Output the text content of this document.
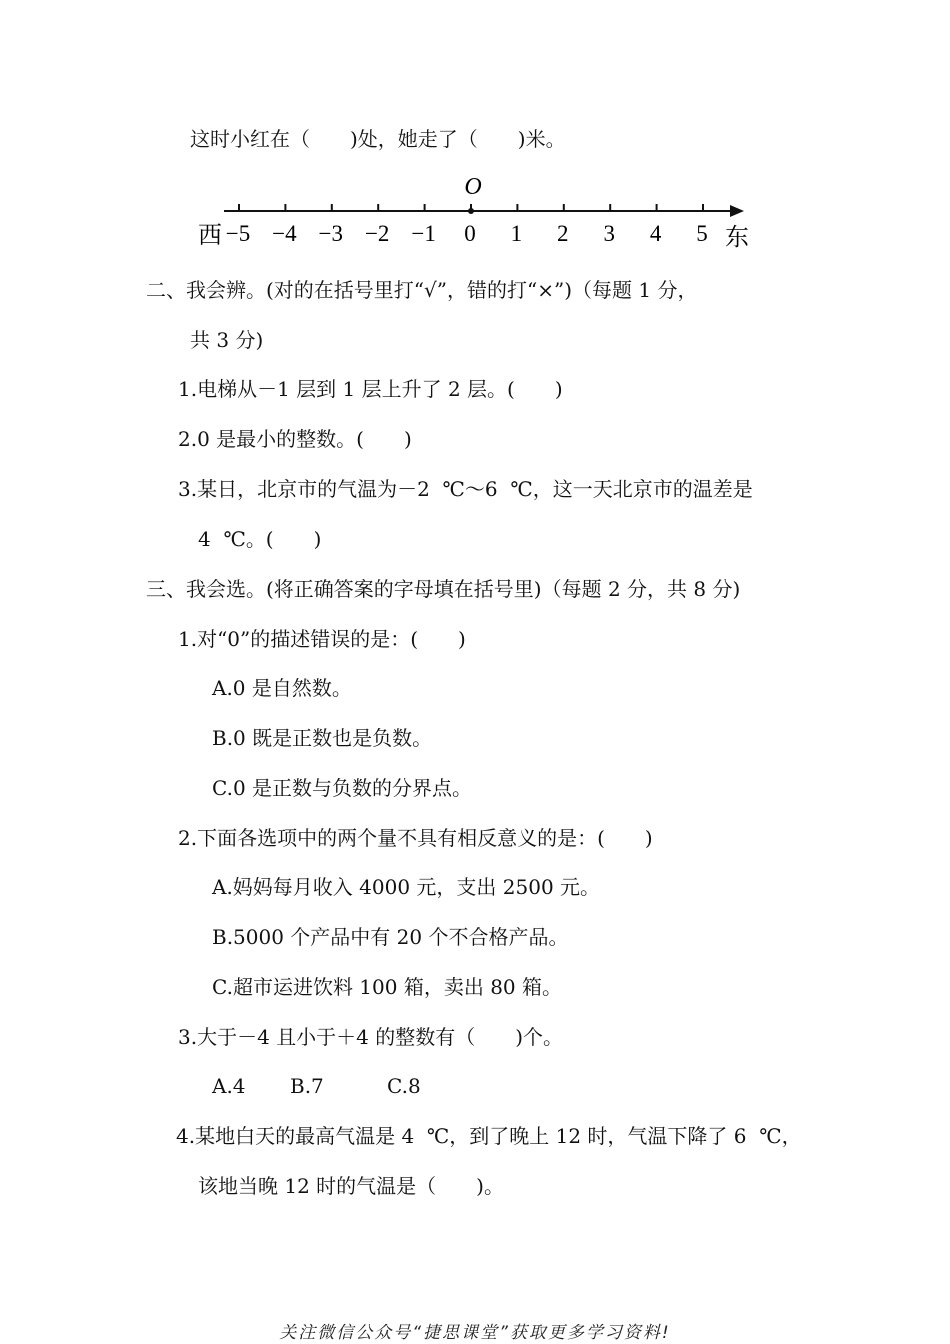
这时小红在（　　)处，她走了（　　)米。
O
−5 −4 −3 −2 −1 0 1 2 3 4 5
西	东
二、我会辨。(对的在括号里打“√”，错的打“×”)（每题 1 分，
共 3 分)
1.电梯从－1 层到 1 层上升了 2 层。(　　)
2.0 是最小的整数。(　　)
3.某日，北京市的气温为－2  ℃～6  ℃，这一天北京市的温差是
4  ℃。(　　)
三、我会选。(将正确答案的字母填在括号里)（每题 2 分，共 8 分)
1.对“0”的描述错误的是：(　　)
A.0 是自然数。
B.0 既是正数也是负数。
C.0 是正数与负数的分界点。
2.下面各选项中的两个量不具有相反意义的是：(　　)
A.妈妈每月收入 4000 元，支出 2500 元。
B.5000 个产品中有 20 个不合格产品。
C.超市运进饮料 100 箱，卖出 80 箱。
3.大于－4 且小于＋4 的整数有（　　)个。
A.4 B.7	C.8
4.某地白天的最高气温是 4  ℃，到了晚上 12 时，气温下降了 6  ℃，
该地当晚 12 时的气温是（　　)。
关注微信公众号“捷思课堂”获取更多学习资料!
